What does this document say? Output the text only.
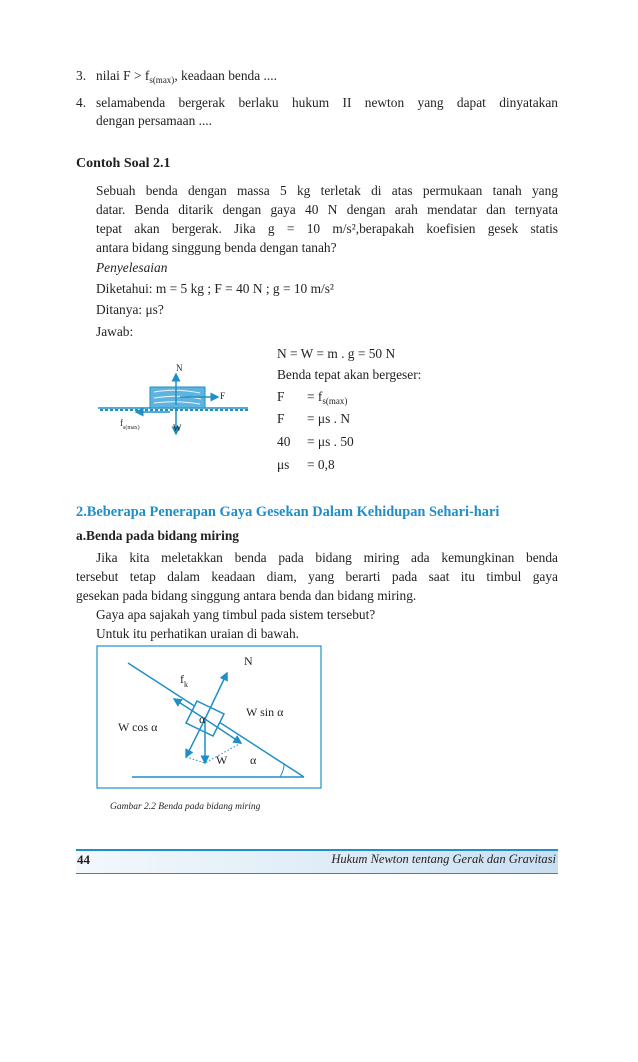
3. nilai $F > f_{s(max)}$, keadaan benda ....
4. selamabenda bergerak berlaku hukum II newton yang dapat dinyatakan
dengan persamaan ....
Contoh Soal 2.1
Sebuah benda dengan massa 5 kg terletak di atas permukaan tanah yang
datar. Benda ditarik dengan gaya 40 N dengan arah mendatar dan ternyata
tepat akan bergerak. Jika g = 10 m/s²,berapakah koefisien gesek statis
antara bidang singgung benda dengan tanah?
Penyelesaian
Diketahui: m = 5 kg ; F = 40 N ; g = 10 m/s²
Ditanya: μs?
Jawab:
N = W = m . g = 50 N
Benda tepat akan bergeser:
$F = f_{s(max)}$
F = μs . N
40 = μs . 50
μs = 0,8
N
F
W
$f_{s(max)}$
2.Beberapa Penerapan Gaya Gesekan Dalam Kehidupan Sehari-hari
a.Benda pada bidang miring
Jika kita meletakkan benda pada bidang miring ada kemungkinan benda
tersebut tetap dalam keadaan diam, yang berarti pada saat itu timbul gaya
gesekan pada bidang singgung antara benda dan bidang miring.
Gaya apa sajakah yang timbul pada sistem tersebut?
Untuk itu perhatikan uraian di bawah.
N
$f_k$
W sin α
W cos α
α
W α
Gambar 2.2 Benda pada bidang miring
44	Hukum Newton tentang Gerak dan Gravitasi
